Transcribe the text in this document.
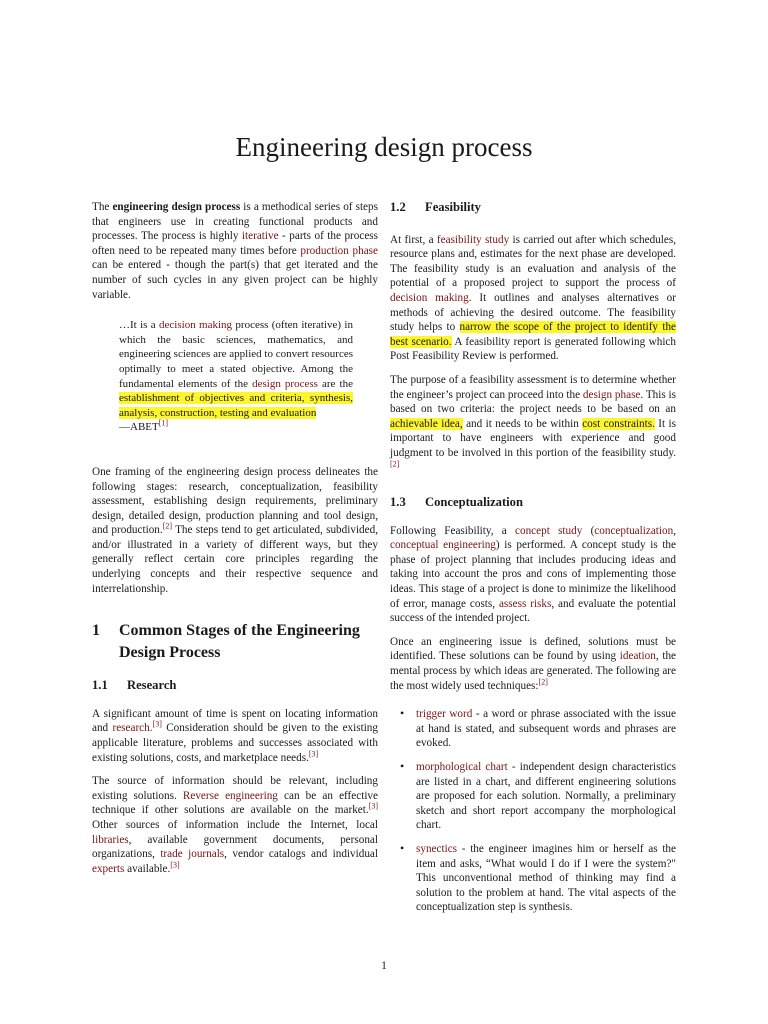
Engineering design process

The engineering design process is a methodical series of steps that engineers use in creating functional products and processes. The process is highly iterative - parts of the process often need to be repeated many times before production phase can be entered - though the part(s) that get iterated and the number of such cycles in any given project can be highly variable.

…It is a decision making process (often iterative) in which the basic sciences, mathematics, and engineering sciences are applied to convert resources optimally to meet a stated objective. Among the fundamental elements of the design process are the establishment of objectives and criteria, synthesis, analysis, construction, testing and evaluation

—ABET[1]

One framing of the engineering design process delineates the following stages: research, conceptualization, feasibility assessment, establishing design requirements, preliminary design, detailed design, production planning and tool design, and production.[2] The steps tend to get articulated, subdivided, and/or illustrated in a variety of different ways, but they generally reflect certain core principles regarding the underlying concepts and their respective sequence and interrelationship.

1	Common Stages of the Engineering Design Process
1.1	Research

A significant amount of time is spent on locating information and research.[3] Consideration should be given to the existing applicable literature, problems and successes associated with existing solutions, costs, and marketplace needs.[3]

The source of information should be relevant, including existing solutions. Reverse engineering can be an effective technique if other solutions are available on the market.[3] Other sources of information include the Internet, local libraries, available government documents, personal organizations, trade journals, vendor catalogs and individual experts available.[3]

1.2	Feasibility

At first, a feasibility study is carried out after which schedules, resource plans and, estimates for the next phase are developed. The feasibility study is an evaluation and analysis of the potential of a proposed project to support the process of decision making. It outlines and analyses alternatives or methods of achieving the desired outcome. The feasibility study helps to narrow the scope of the project to identify the best scenario. A feasibility report is generated following which Post Feasibility Review is performed.

The purpose of a feasibility assessment is to determine whether the engineer’s project can proceed into the design phase. This is based on two criteria: the project needs to be based on an achievable idea, and it needs to be within cost constraints. It is important to have engineers with experience and good judgment to be involved in this portion of the feasibility study.[2]

1.3	Conceptualization

Following Feasibility, a concept study (conceptualization, conceptual engineering) is performed. A concept study is the phase of project planning that includes producing ideas and taking into account the pros and cons of implementing those ideas. This stage of a project is done to minimize the likelihood of error, manage costs, assess risks, and evaluate the potential success of the intended project.

Once an engineering issue is defined, solutions must be identified. These solutions can be found by using ideation, the mental process by which ideas are generated. The following are the most widely used techniques:[2]

• trigger word - a word or phrase associated with the issue at hand is stated, and subsequent words and phrases are evoked.
• morphological chart - independent design characteristics are listed in a chart, and different engineering solutions are proposed for each solution. Normally, a preliminary sketch and short report accompany the morphological chart.
• synectics - the engineer imagines him or herself as the item and asks, “What would I do if I were the system?" This unconventional method of thinking may find a solution to the problem at hand. The vital aspects of the conceptualization step is synthesis.
1
